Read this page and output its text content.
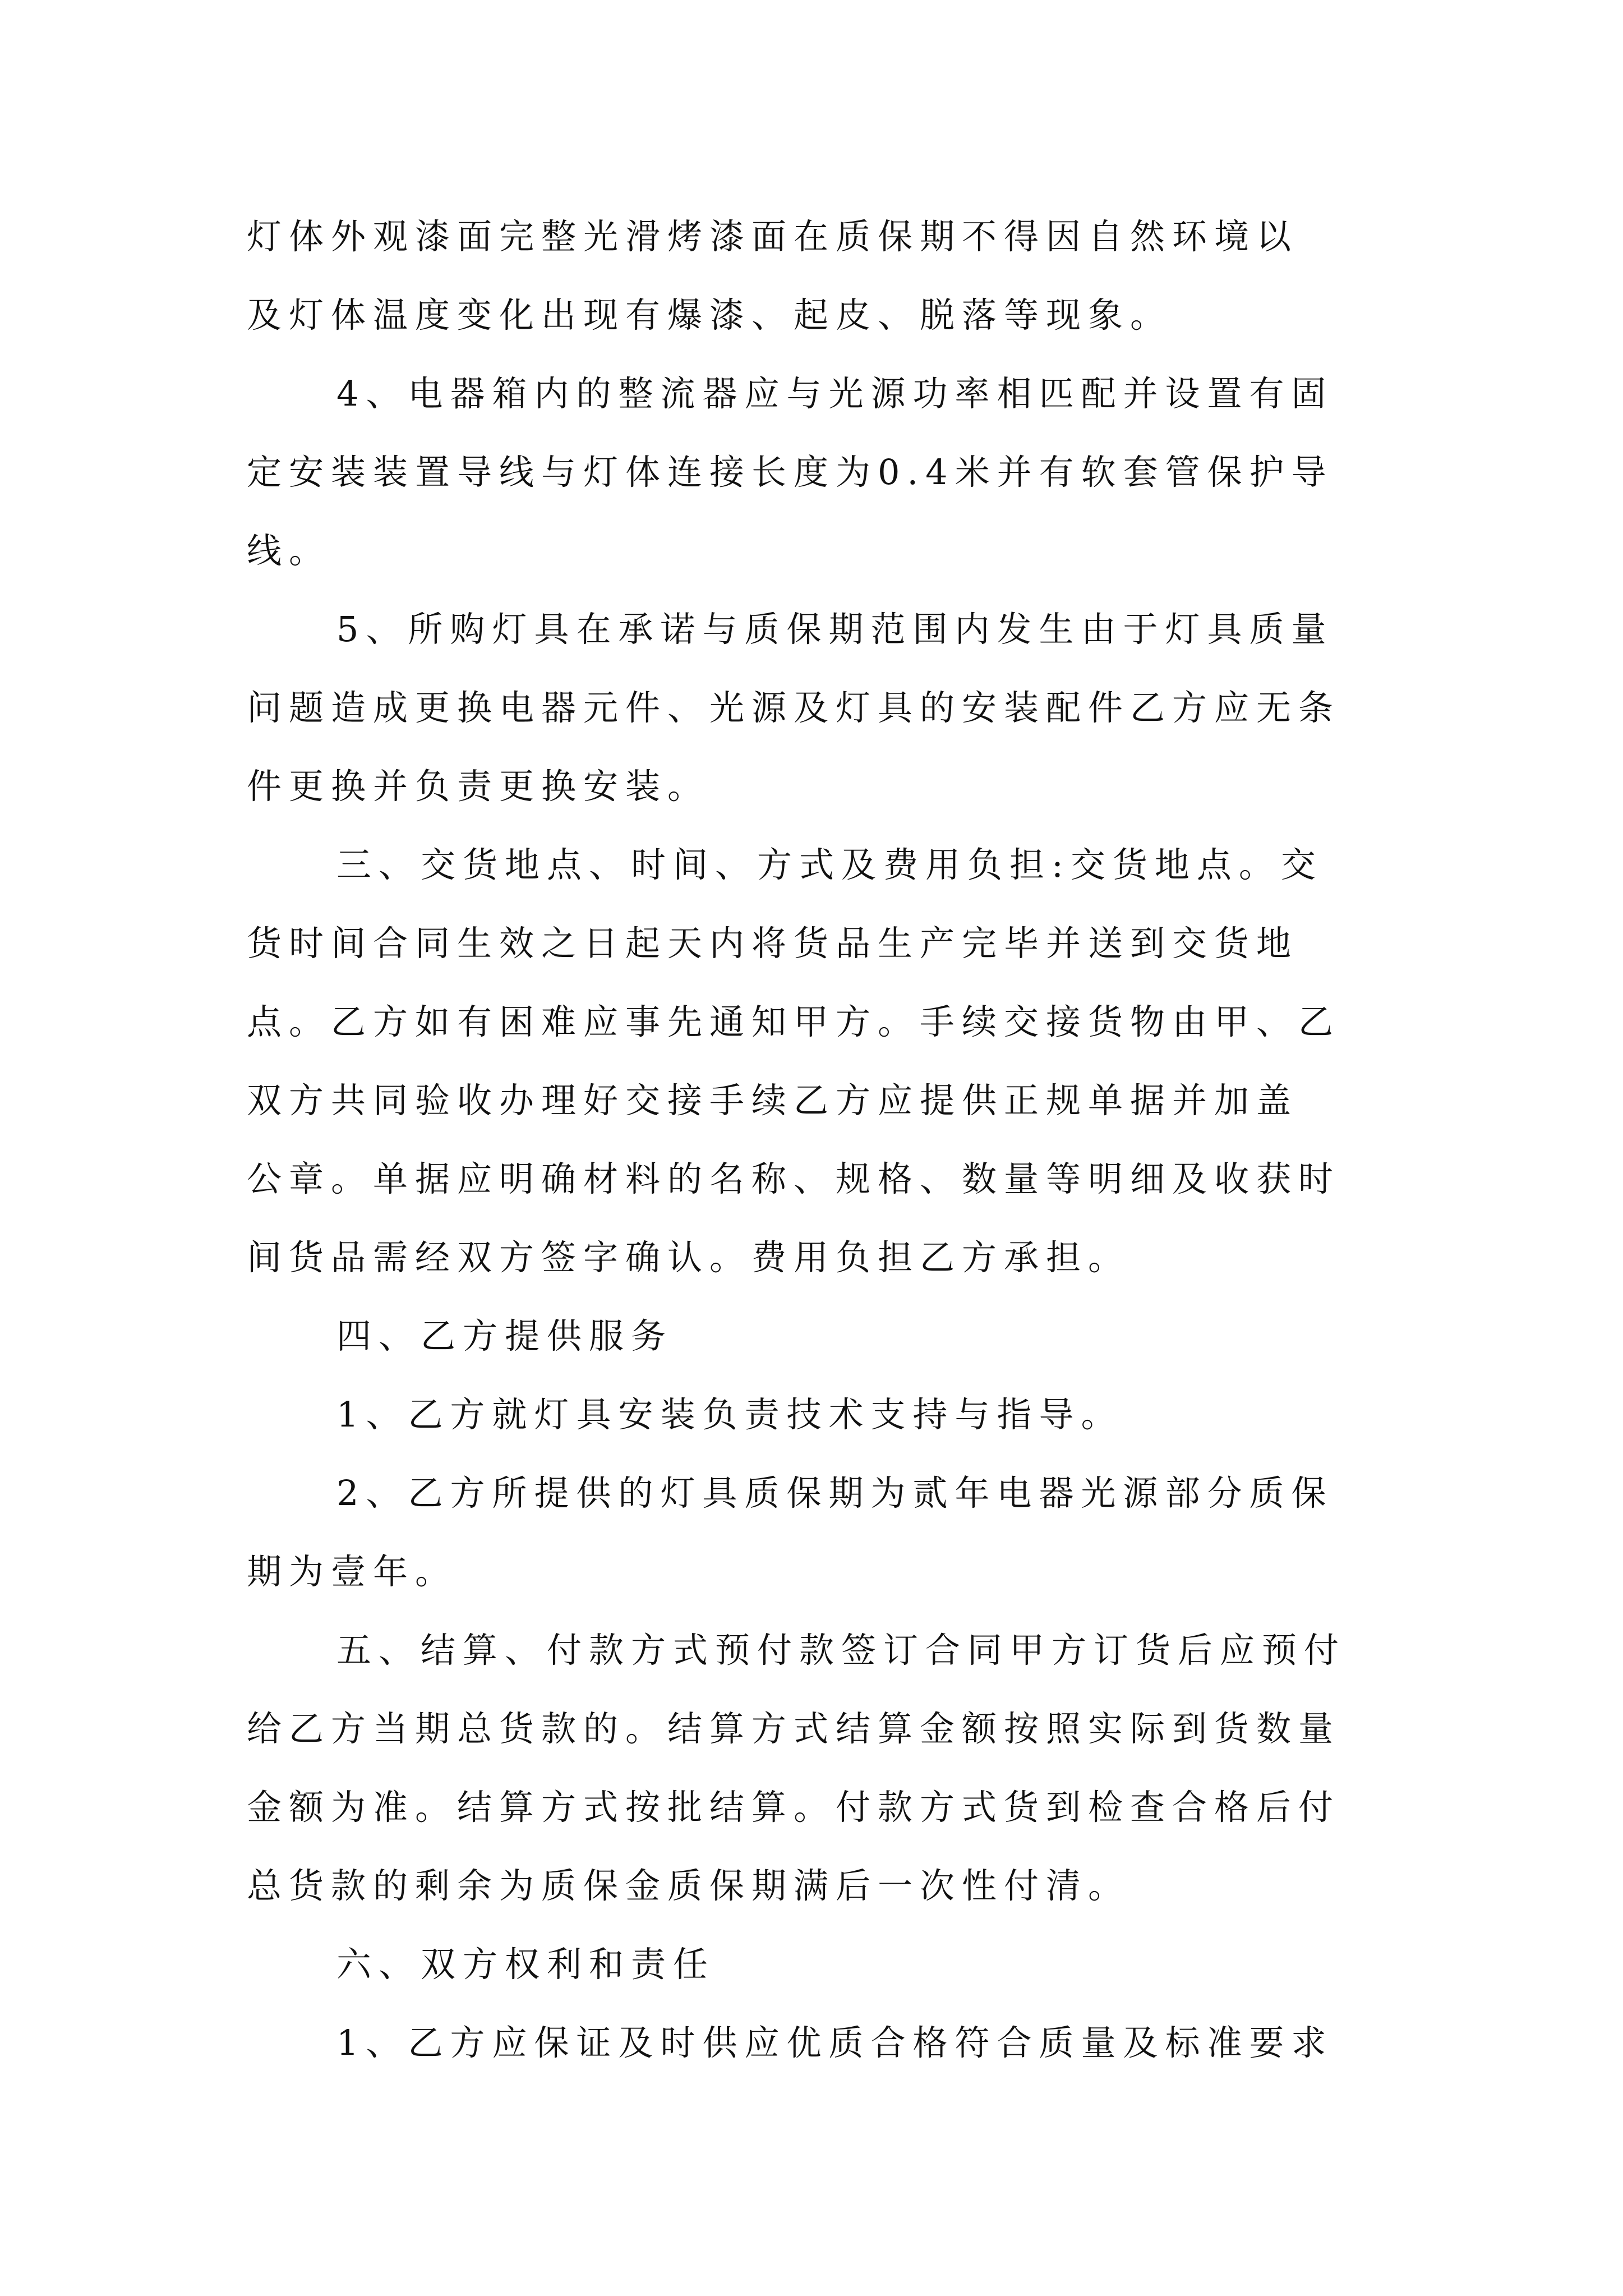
灯体外观漆面完整光滑烤漆面在质保期不得因自然环境以
及灯体温度变化出现有爆漆、起皮、脱落等现象。
4、电器箱内的整流器应与光源功率相匹配并设置有固
定安装装置导线与灯体连接长度为0.4米并有软套管保护导
线。
5、所购灯具在承诺与质保期范围内发生由于灯具质量
问题造成更换电器元件、光源及灯具的安装配件乙方应无条
件更换并负责更换安装。
三、交货地点、时间、方式及费用负担:交货地点。交
货时间合同生效之日起天内将货品生产完毕并送到交货地
点。乙方如有困难应事先通知甲方。手续交接货物由甲、乙
双方共同验收办理好交接手续乙方应提供正规单据并加盖
公章。单据应明确材料的名称、规格、数量等明细及收获时
间货品需经双方签字确认。费用负担乙方承担。
四、乙方提供服务
1、乙方就灯具安装负责技术支持与指导。
2、乙方所提供的灯具质保期为贰年电器光源部分质保
期为壹年。
五、结算、付款方式预付款签订合同甲方订货后应预付
给乙方当期总货款的。结算方式结算金额按照实际到货数量
金额为准。结算方式按批结算。付款方式货到检查合格后付
总货款的剩余为质保金质保期满后一次性付清。
六、双方权利和责任
1、乙方应保证及时供应优质合格符合质量及标准要求
